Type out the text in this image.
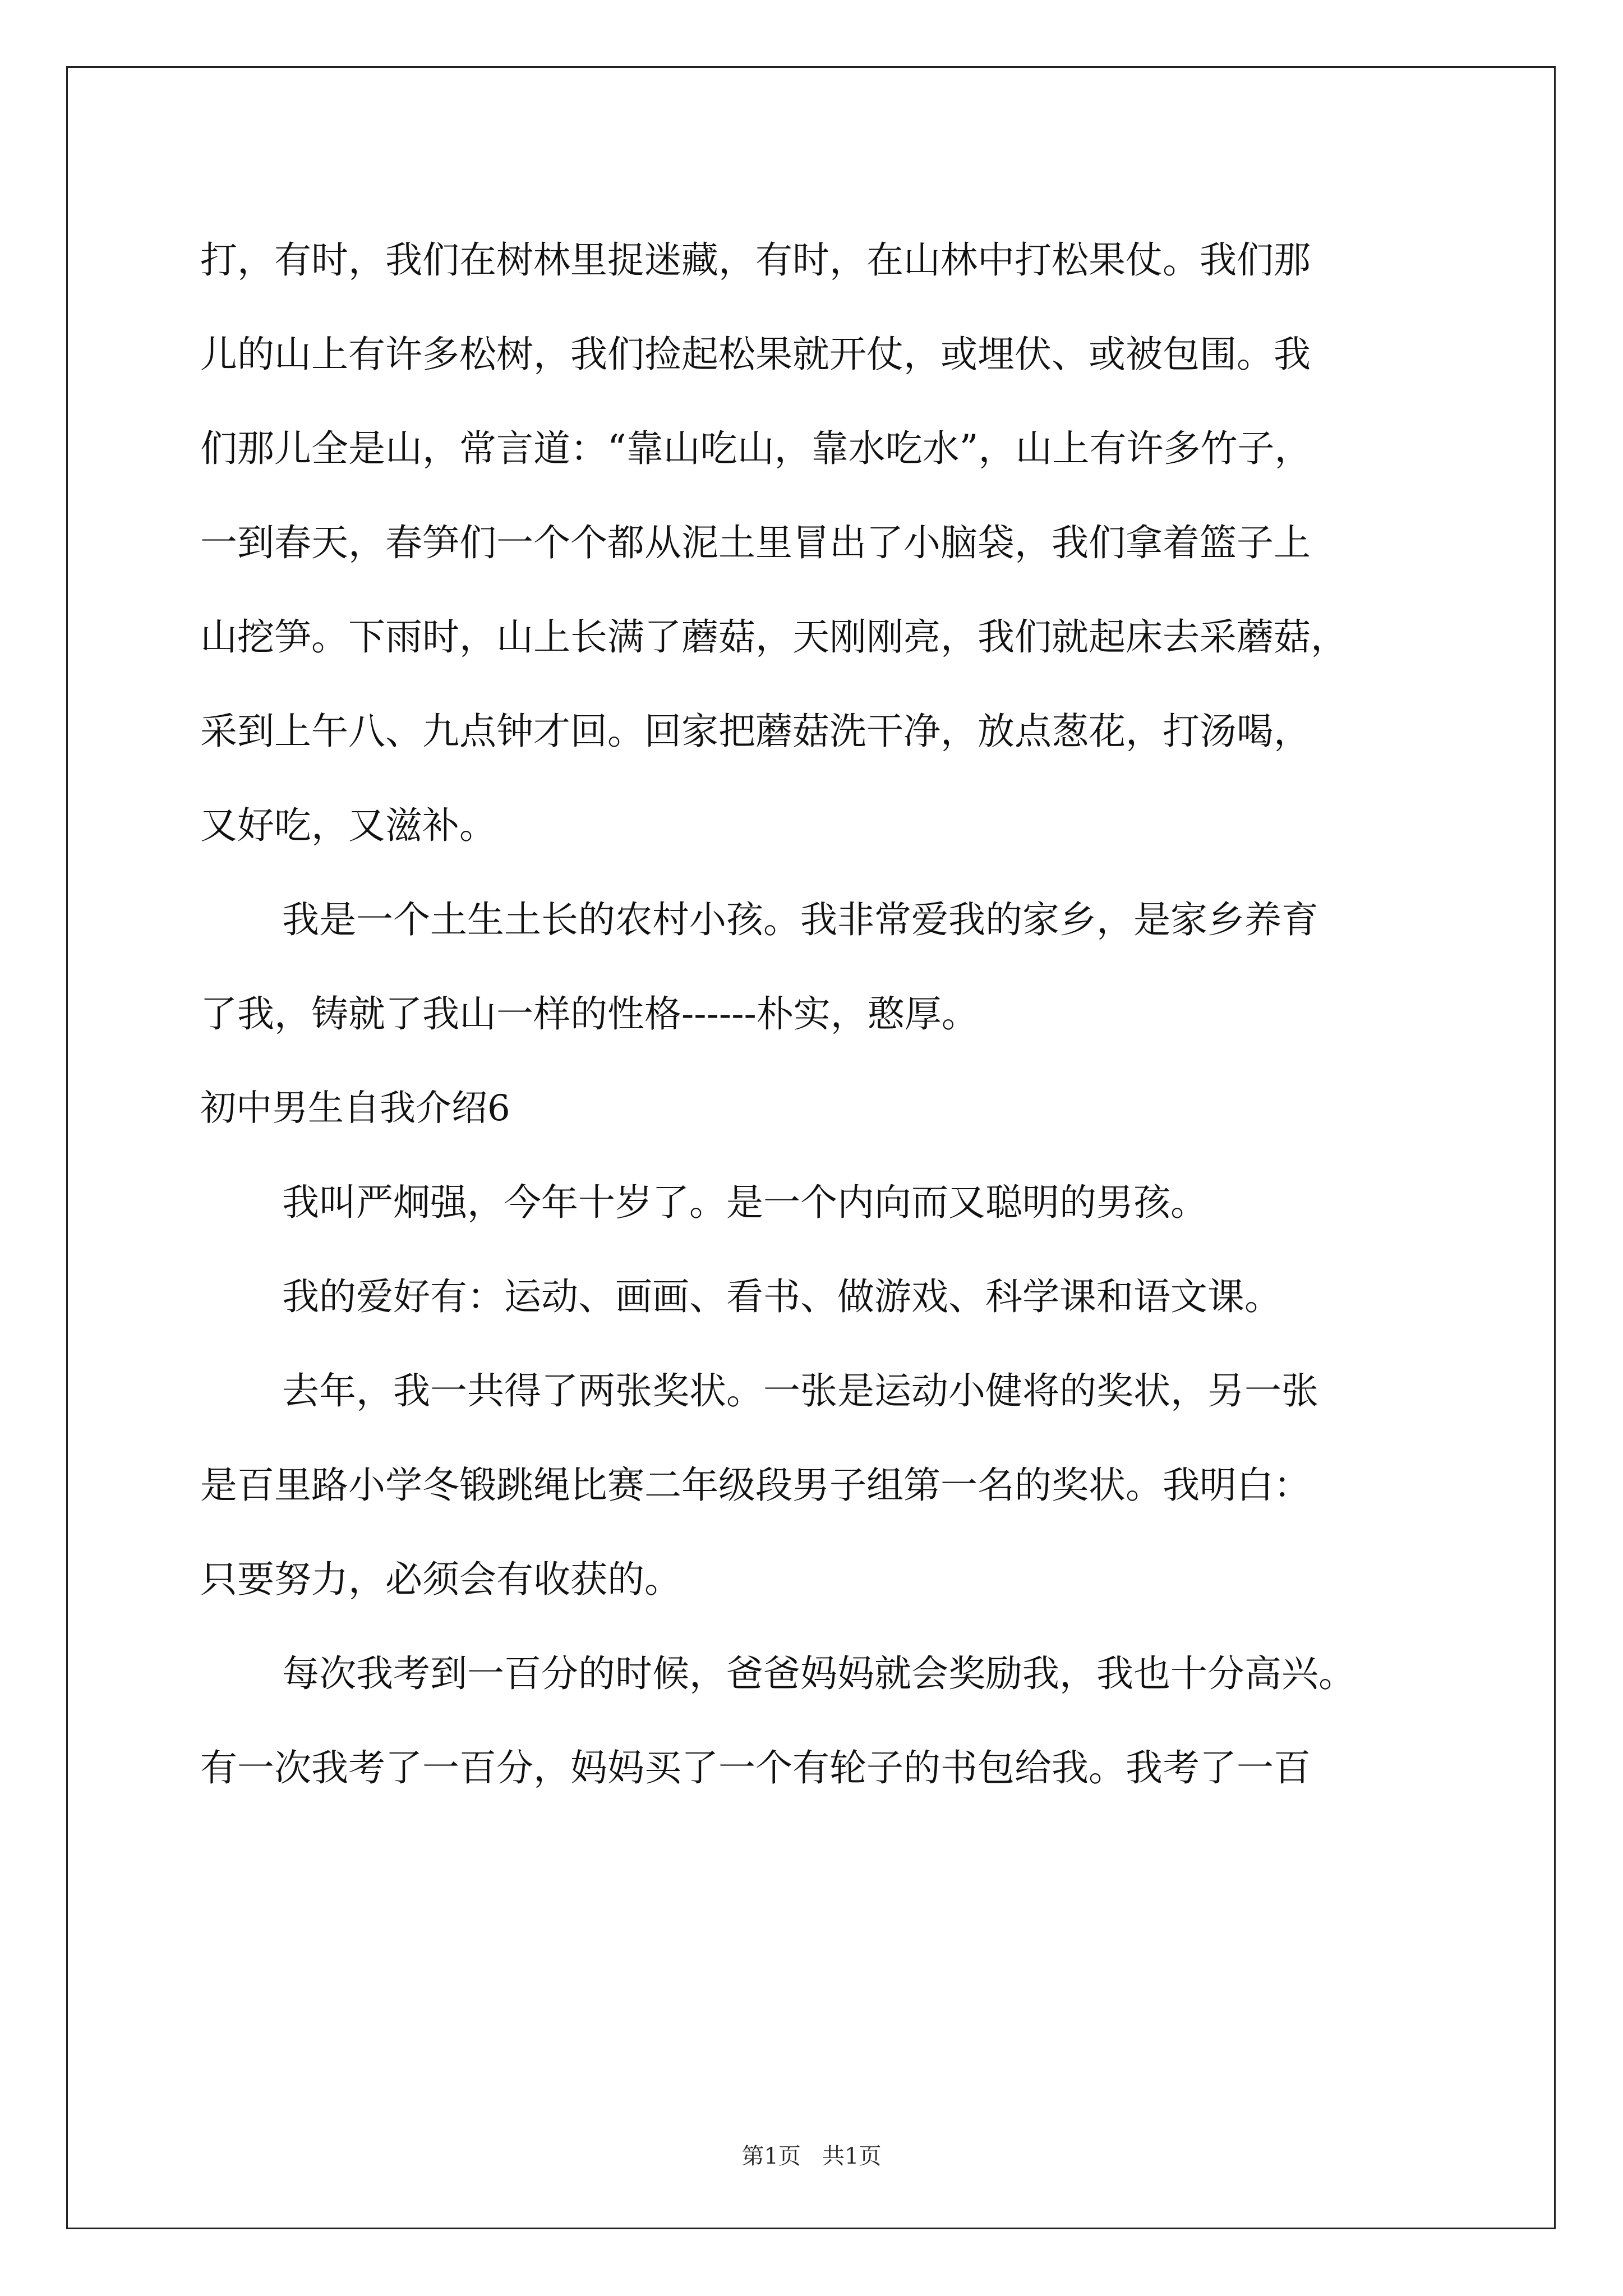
打，有时，我们在树林里捉迷藏，有时，在山林中打松果仗。我们那
儿的山上有许多松树，我们捡起松果就开仗，或埋伏、或被包围。我
们那儿全是山，常言道：“靠山吃山，靠水吃水”，山上有许多竹子，
一到春天，春笋们一个个都从泥土里冒出了小脑袋，我们拿着篮子上
山挖笋。下雨时，山上长满了蘑菇，天刚刚亮，我们就起床去采蘑菇，
采到上午八、九点钟才回。回家把蘑菇洗干净，放点葱花，打汤喝，
又好吃，又滋补。
我是一个土生土长的农村小孩。我非常爱我的家乡，是家乡养育
了我，铸就了我山一样的性格------朴实，憨厚。
初中男生自我介绍6
我叫严炯强，今年十岁了。是一个内向而又聪明的男孩。
我的爱好有：运动、画画、看书、做游戏、科学课和语文课。
去年，我一共得了两张奖状。一张是运动小健将的奖状，另一张
是百里路小学冬锻跳绳比赛二年级段男子组第一名的奖状。我明白：
只要努力，必须会有收获的。
每次我考到一百分的时候，爸爸妈妈就会奖励我，我也十分高兴。
有一次我考了一百分，妈妈买了一个有轮子的书包给我。我考了一百
第1页   共1页
